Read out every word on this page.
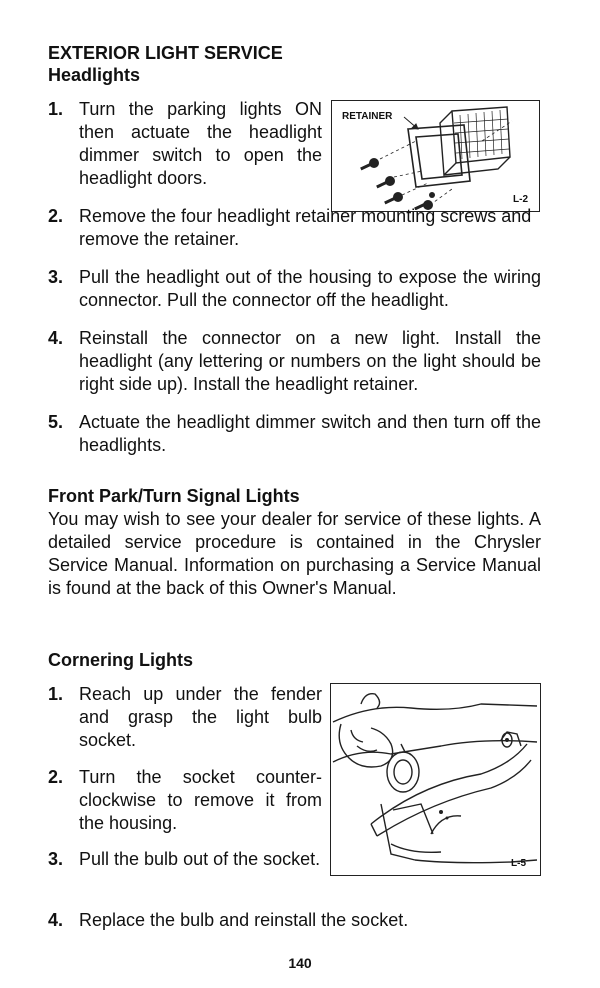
EXTERIOR LIGHT SERVICE
Headlights
RETAINER
L-2
1. Turn the parking lights ON then actuate the headlight dimmer switch to open the headlight doors.

2. Remove the four headlight retainer mounting screws and remove the retainer.

3. Pull the headlight out of the housing to expose the wiring connector. Pull the connector off the headlight.

4. Reinstall the connector on a new light. Install the headlight (any lettering or numbers on the light should be right side up). Install the headlight retainer.

5. Actuate the headlight dimmer switch and then turn off the headlights.

Front Park/Turn Signal Lights

You may wish to see your dealer for service of these lights. A detailed service procedure is contained in the Chrysler Service Manual. Information on purchasing a Service Manual is found at the back of this Owner's Manual.

Cornering Lights
L-5
1. Reach up under the fender and grasp the light bulb socket.

2. Turn the socket counter-clockwise to remove it from the housing.

3. Pull the bulb out of the socket.

4. Replace the bulb and reinstall the socket.

140
